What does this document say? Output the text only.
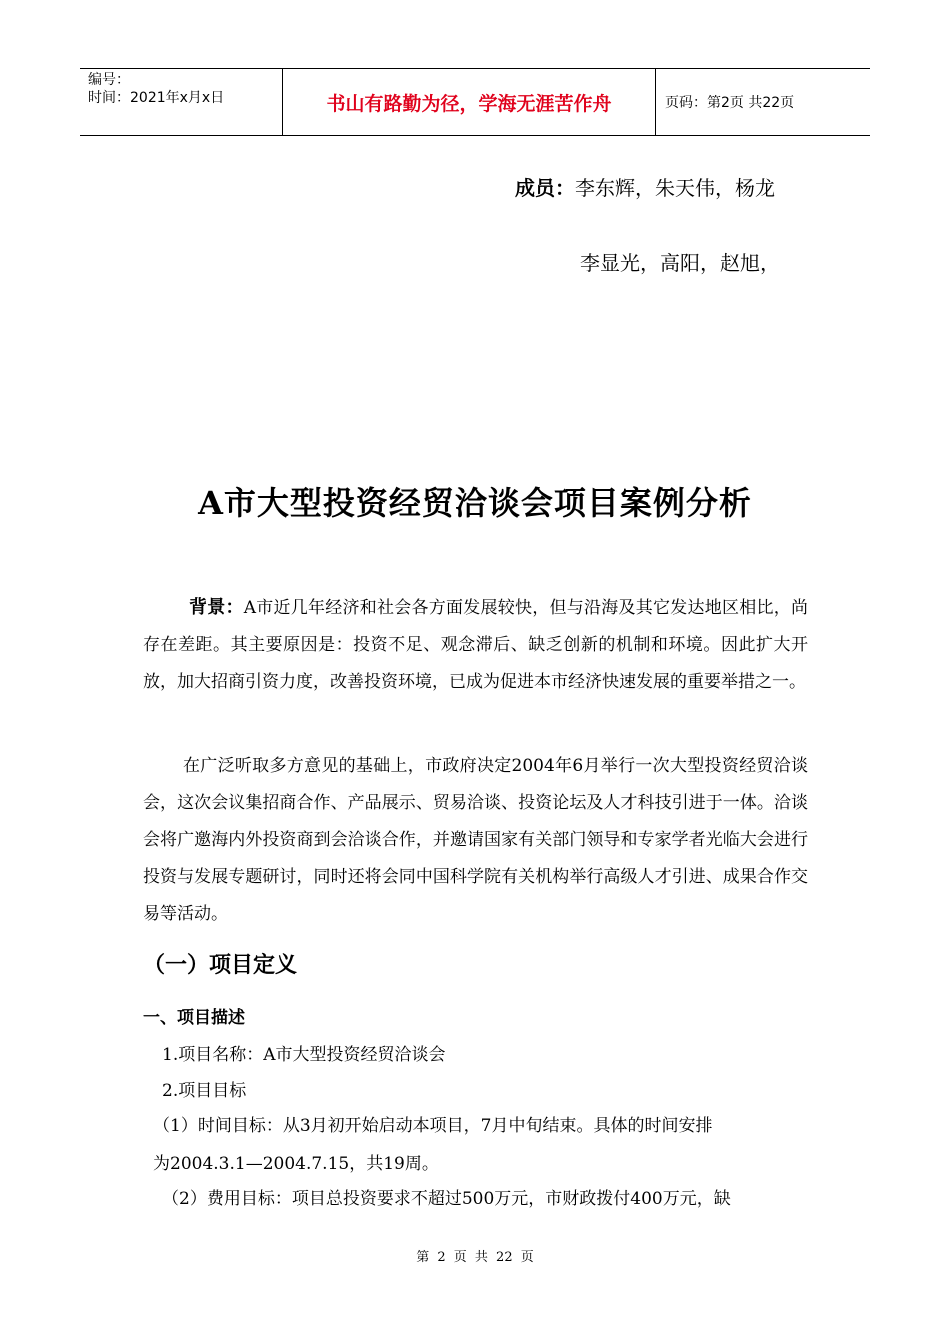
编号：
时间：2021年x月x日	书山有路勤为径，学海无涯苦作舟	页码：第2页 共22页
成员：李东辉，朱天伟，杨龙
李显光，高阳，赵旭，
A市大型投资经贸洽谈会项目案例分析

背景：A市近几年经济和社会各方面发展较快，但与沿海及其它发达地区相比，尚存在差距。其主要原因是：投资不足、观念滞后、缺乏创新的机制和环境。因此扩大开放，加大招商引资力度，改善投资环境，已成为促进本市经济快速发展的重要举措之一。

在广泛听取多方意见的基础上，市政府决定2004年6月举行一次大型投资经贸洽谈会，这次会议集招商合作、产品展示、贸易洽谈、投资论坛及人才科技引进于一体。洽谈会将广邀海内外投资商到会洽谈合作，并邀请国家有关部门领导和专家学者光临大会进行投资与发展专题研讨，同时还将会同中国科学院有关机构举行高级人才引进、成果合作交易等活动。

（一）项目定义
一、项目描述
1.项目名称：A市大型投资经贸洽谈会
2.项目目标
（1）时间目标：从3月初开始启动本项目，7月中旬结束。具体的时间安排
为2004.3.1—2004.7.15，共19周。
（2）费用目标：项目总投资要求不超过500万元，市财政拨付400万元，缺
第 2 页 共 22 页
